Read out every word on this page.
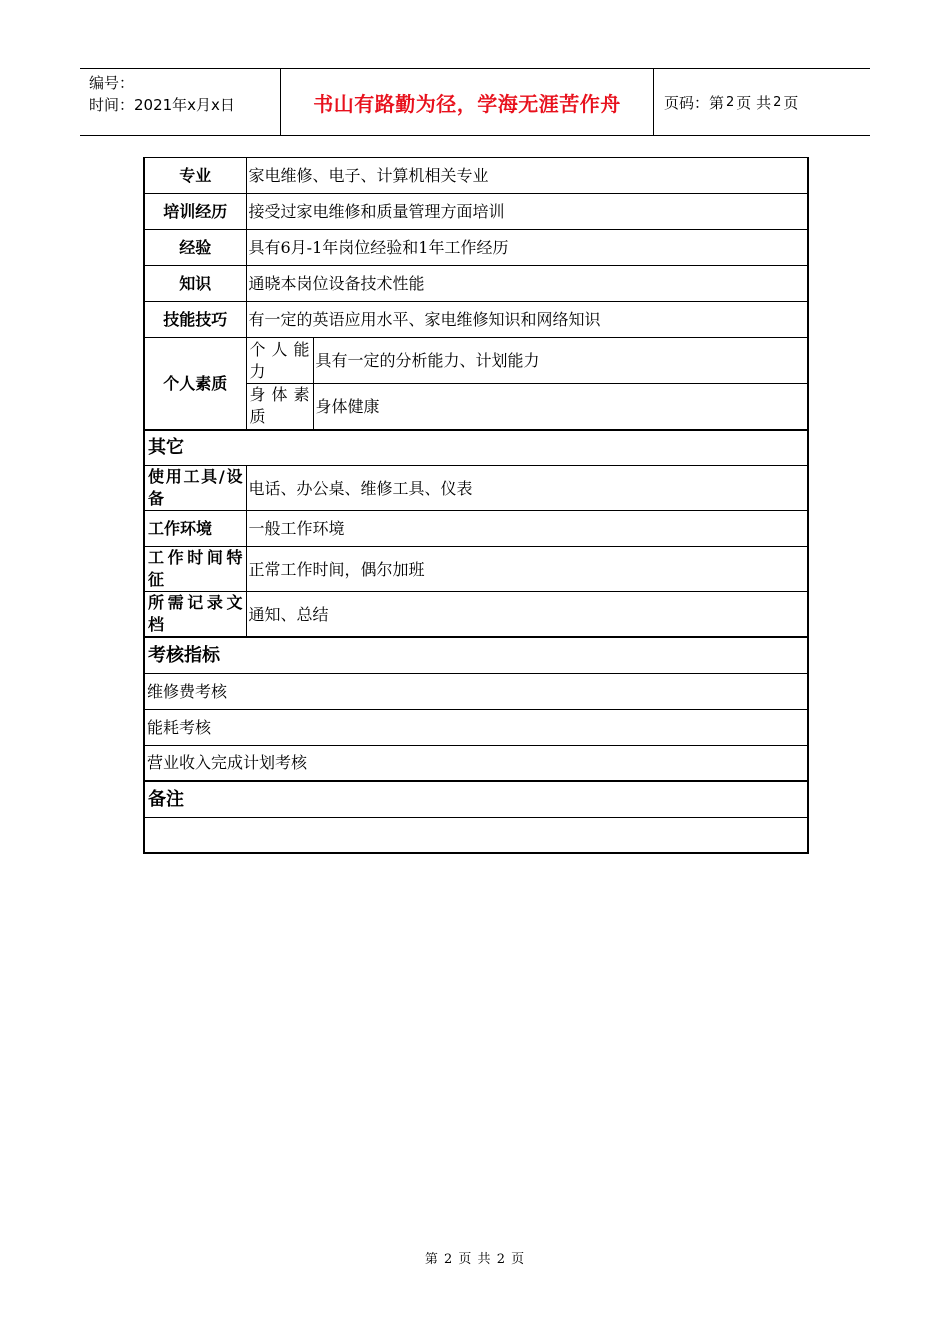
编号：
时间：2021年x月x日	书山有路勤为径，学海无涯苦作舟	页码：第 2 页 共 2 页
专业	家电维修、电子、计算机相关专业	
培训经历	接受过家电维修和质量管理方面培训	
经验	具有6月-1年岗位经验和1年工作经历	
知识	通晓本岗位设备技术性能	
技能技巧	有一定的英语应用水平、家电维修知识和网络知识	
个人素质	个 人 能 力	具有一定的分析能力、计划能力
	身 体 素 质	身体健康
其它		
使用工具/设备	电话、办公桌、维修工具、仪表	
工作环境	一般工作环境	
工作时间特征	正常工作时间，偶尔加班	
所需记录文档	通知、总结	
考核指标		
维修费考核		
能耗考核		
营业收入完成计划考核		
备注		

第 2 页 共 2 页
